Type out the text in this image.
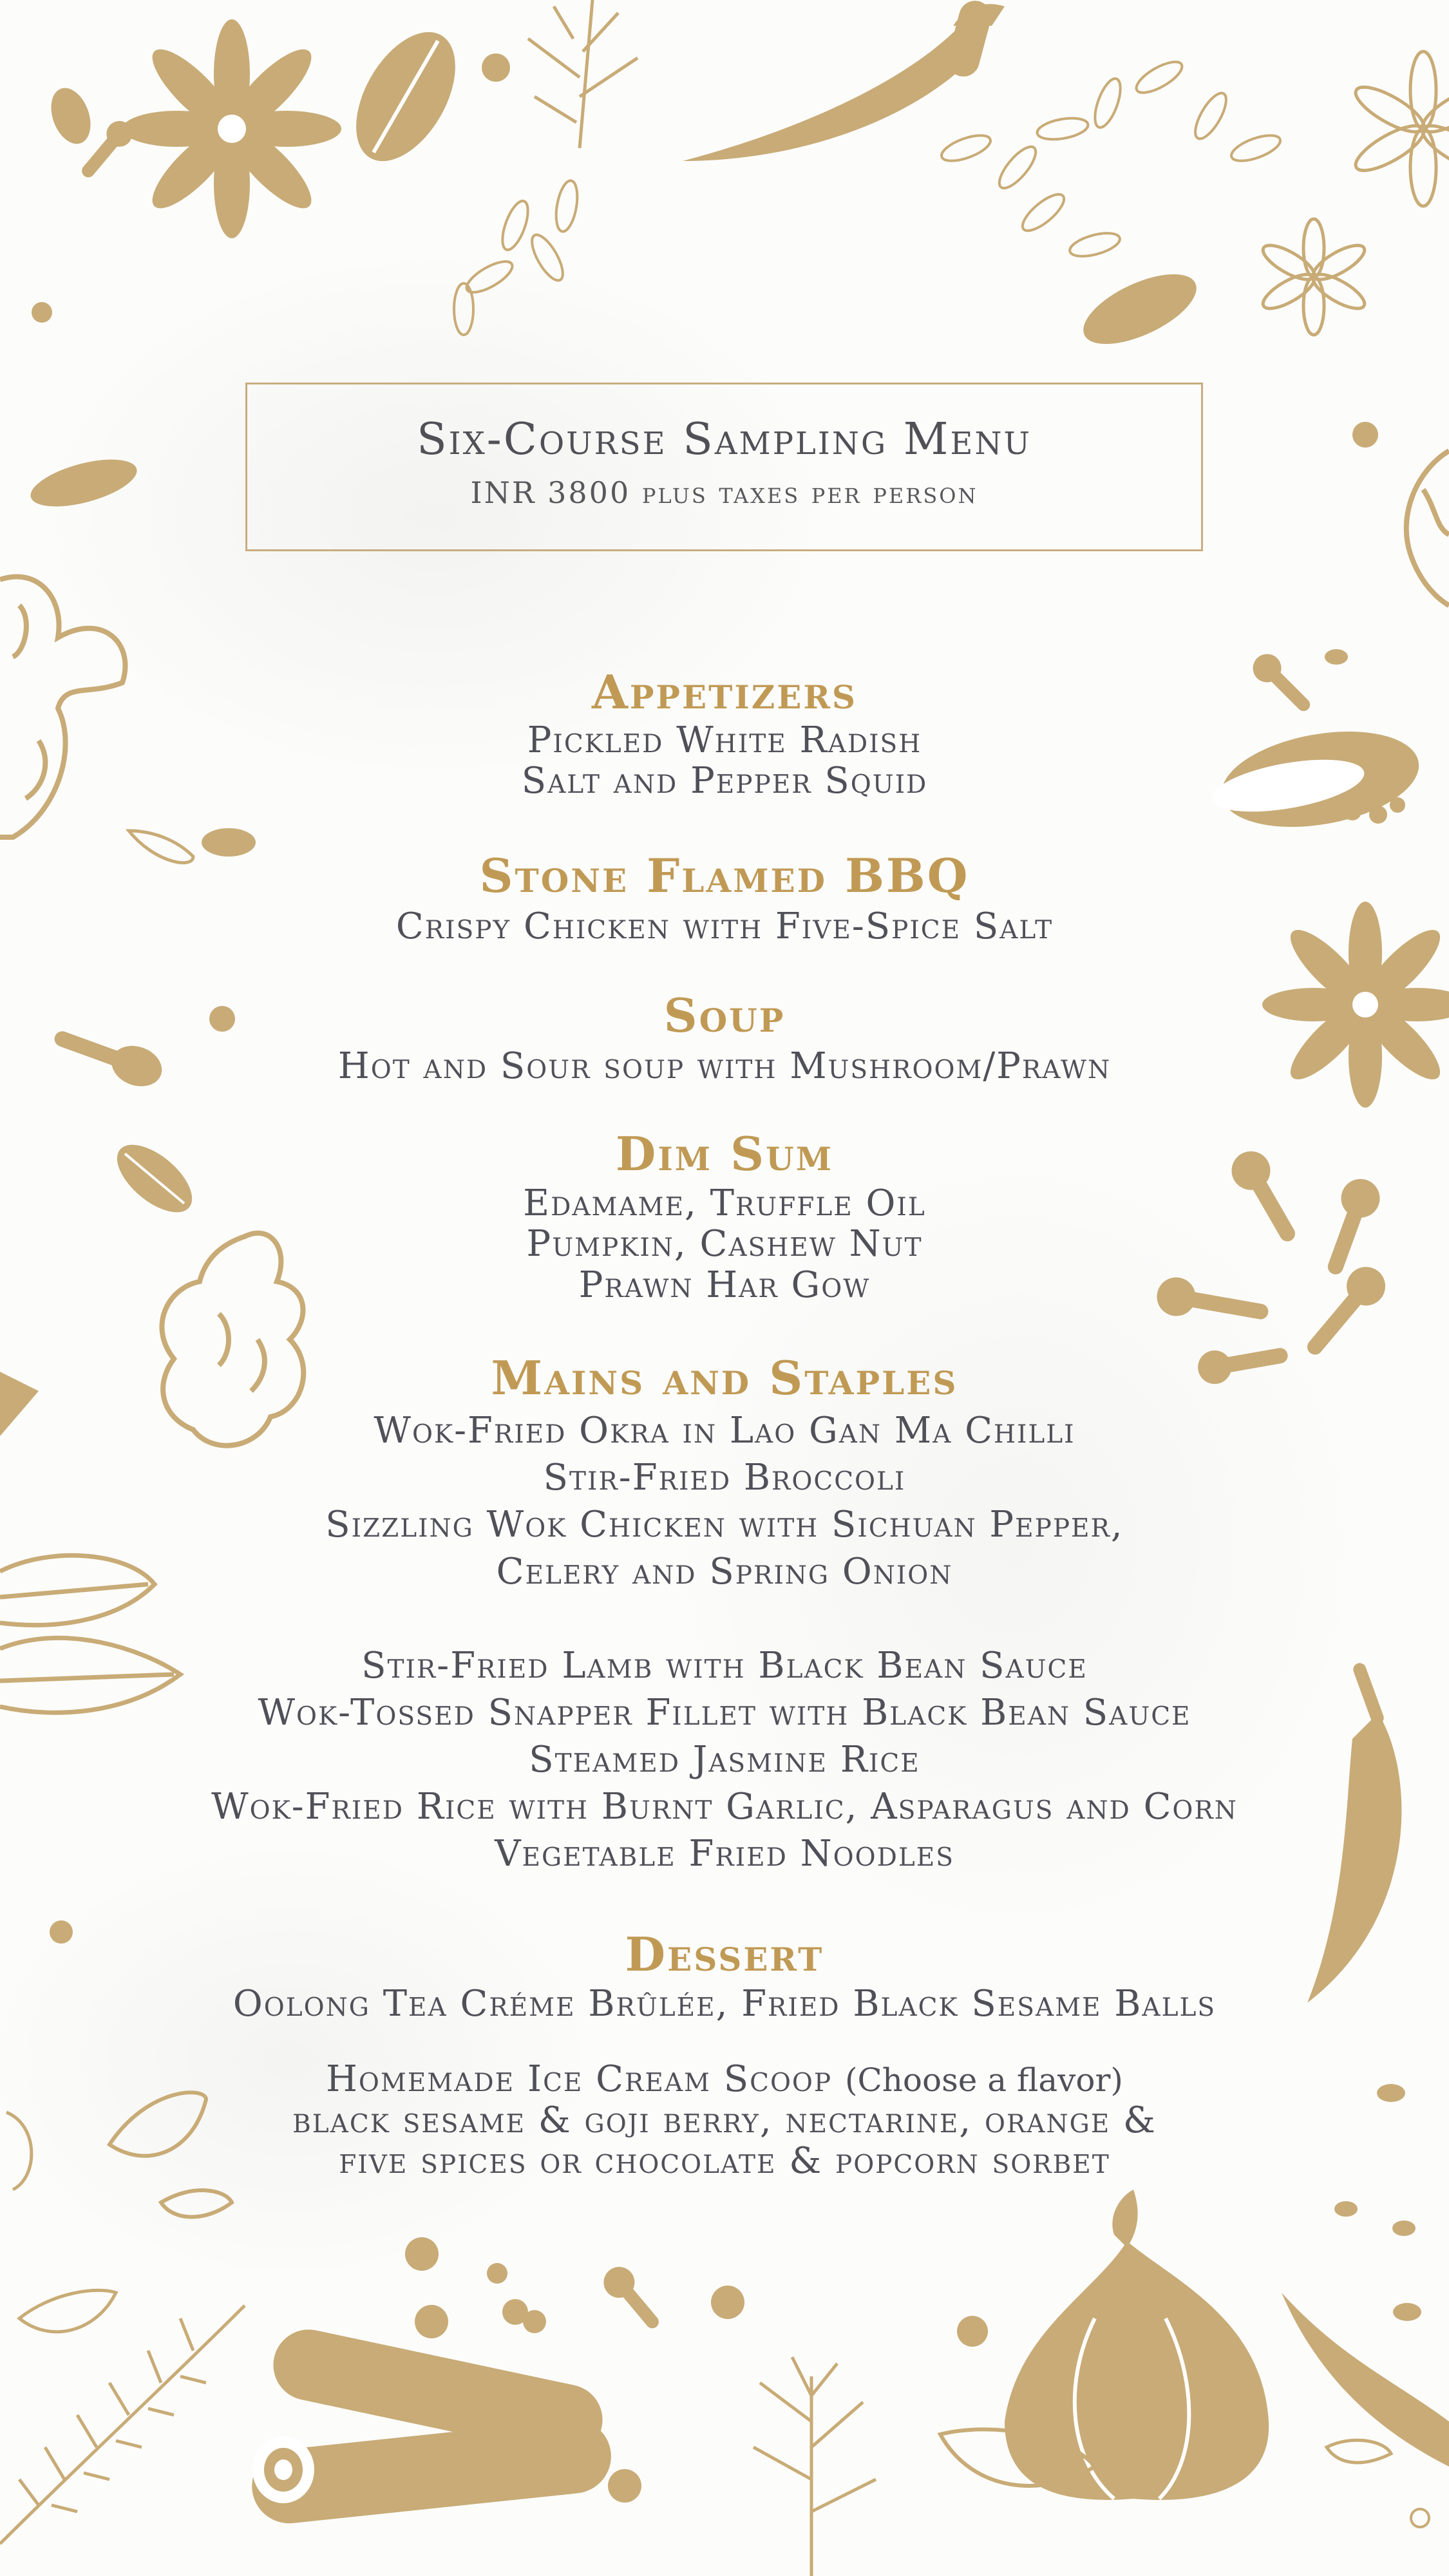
Six-Course Sampling Menu
INR 3800 plus taxes per person
Appetizers

Pickled White Radish

Salt and Pepper Squid

Stone Flamed BBQ

Crispy Chicken with Five-Spice Salt

Soup

Hot and Sour soup with Mushroom/Prawn

Dim Sum

Edamame, Truffle Oil

Pumpkin, Cashew Nut

Prawn Har Gow

Mains and Staples

Wok-Fried Okra in Lao Gan Ma Chilli

Stir-Fried Broccoli

Sizzling Wok Chicken with Sichuan Pepper,

Celery and Spring Onion

Stir-Fried Lamb with Black Bean Sauce

Wok-Tossed Snapper Fillet with Black Bean Sauce

Steamed Jasmine Rice

Wok-Fried Rice with Burnt Garlic, Asparagus and Corn

Vegetable Fried Noodles

Dessert

Oolong Tea Créme Brûlée, Fried Black Sesame Balls

Homemade Ice Cream Scoop (Choose a flavor)

black sesame & goji berry, nectarine, orange &

five spices or chocolate & popcorn sorbet
